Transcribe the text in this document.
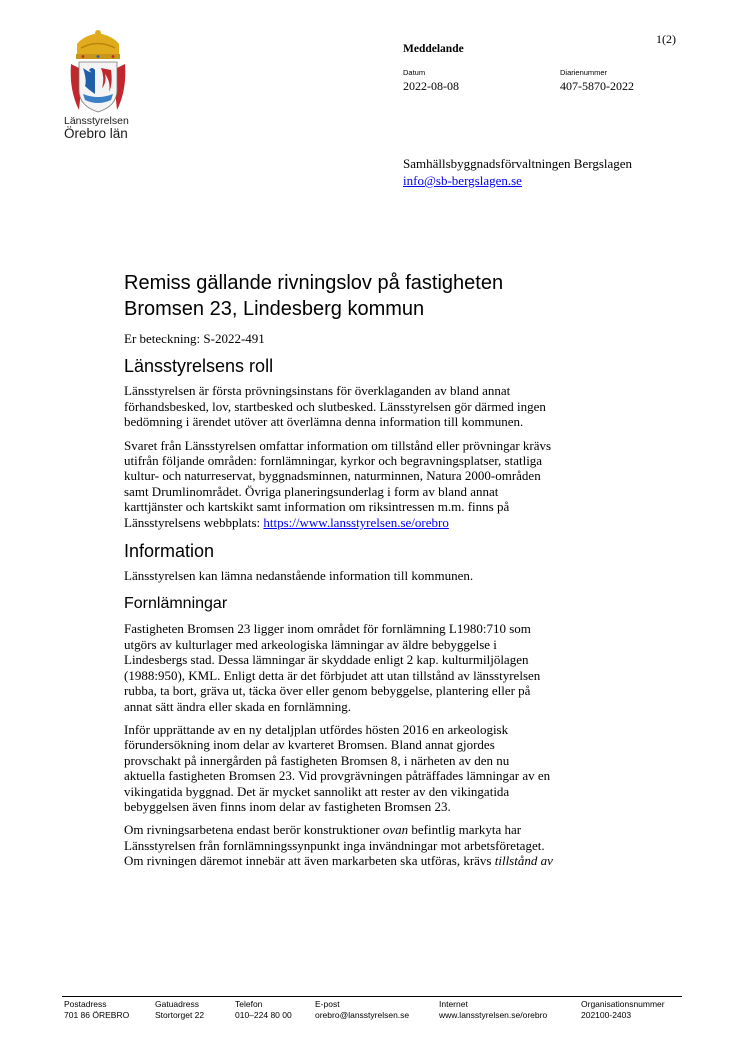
Länsstyrelsen
Örebro län
1(2)
Meddelande
Datum
2022-08-08
Diarienummer
407-5870-2022
Samhällsbyggnadsförvaltningen Bergslagen
info@sb-bergslagen.se
Remiss gällande rivningslov på fastigheten
Bromsen 23, Lindesberg kommun

Er beteckning: S-2022-491

Länsstyrelsens roll

Länsstyrelsen är första prövningsinstans för överklaganden av bland annat
förhandsbesked, lov, startbesked och slutbesked. Länsstyrelsen gör därmed ingen
bedömning i ärendet utöver att överlämna denna information till kommunen.

Svaret från Länsstyrelsen omfattar information om tillstånd eller prövningar krävs
utifrån följande områden: fornlämningar, kyrkor och begravningsplatser, statliga
kultur- och naturreservat, byggnadsminnen, naturminnen, Natura 2000-områden
samt Drumlinområdet. Övriga planeringsunderlag i form av bland annat
karttjänster och kartskikt samt information om riksintressen m.m. finns på
Länsstyrelsens webbplats: https://www.lansstyrelsen.se/orebro

Information

Länsstyrelsen kan lämna nedanstående information till kommunen.

Fornlämningar

Fastigheten Bromsen 23 ligger inom området för fornlämning L1980:710 som
utgörs av kulturlager med arkeologiska lämningar av äldre bebyggelse i
Lindesbergs stad. Dessa lämningar är skyddade enligt 2 kap. kulturmiljölagen
(1988:950), KML. Enligt detta är det förbjudet att utan tillstånd av länsstyrelsen
rubba, ta bort, gräva ut, täcka över eller genom bebyggelse, plantering eller på
annat sätt ändra eller skada en fornlämning.

Inför upprättande av en ny detaljplan utfördes hösten 2016 en arkeologisk
förundersökning inom delar av kvarteret Bromsen. Bland annat gjordes
provschakt på innergården på fastigheten Bromsen 8, i närheten av den nu
aktuella fastigheten Bromsen 23. Vid provgrävningen påträffades lämningar av en
vikingatida byggnad. Det är mycket sannolikt att rester av den vikingatida
bebyggelsen även finns inom delar av fastigheten Bromsen 23.

Om rivningsarbetena endast berör konstruktioner ovan befintlig markyta har
Länsstyrelsen från fornlämningssynpunkt inga invändningar mot arbetsföretaget.
Om rivningen däremot innebär att även markarbeten ska utföras, krävs tillstånd av

Postadress
701 86 ÖREBRO
Gatuadress
Stortorget 22
Telefon
010–224 80 00
E-post
orebro@lansstyrelsen.se
Internet
www.lansstyrelsen.se/orebro
Organisationsnummer
202100-2403
